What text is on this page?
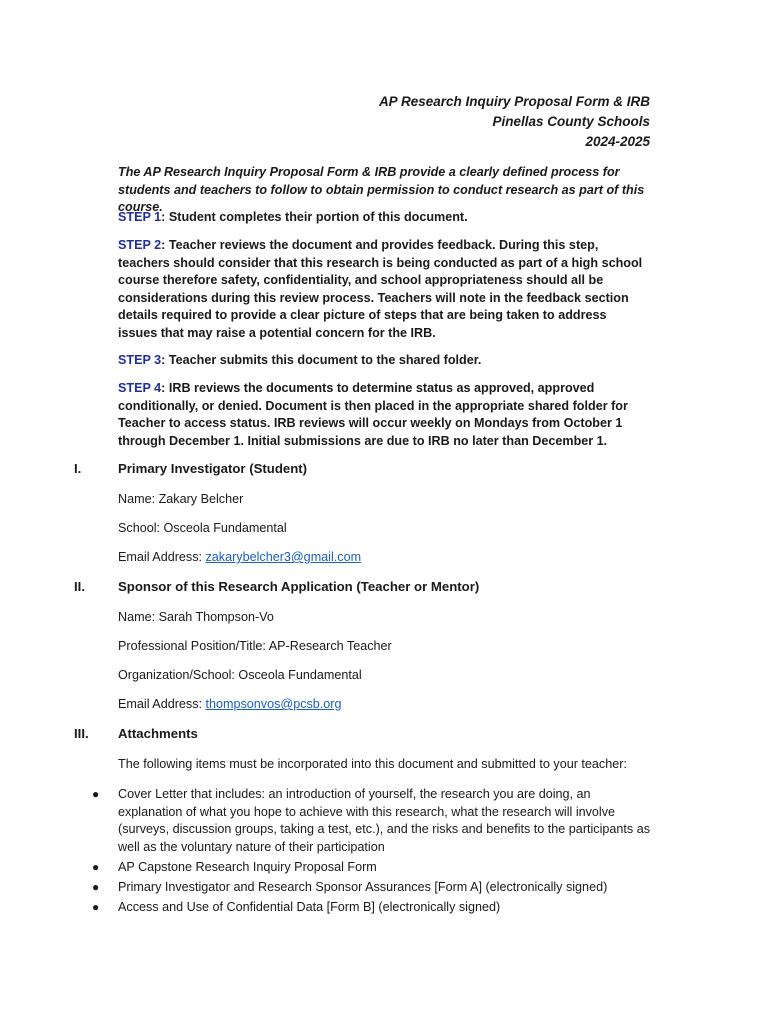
AP Research Inquiry Proposal Form & IRB
Pinellas County Schools
2024-2025
The AP Research Inquiry Proposal Form & IRB provide a clearly defined process for students and teachers to follow to obtain permission to conduct research as part of this course.
STEP 1: Student completes their portion of this document.
STEP 2: Teacher reviews the document and provides feedback. During this step, teachers should consider that this research is being conducted as part of a high school course therefore safety, confidentiality, and school appropriateness should all be considerations during this review process. Teachers will note in the feedback section details required to provide a clear picture of steps that are being taken to address issues that may raise a potential concern for the IRB.
STEP 3: Teacher submits this document to the shared folder.
STEP 4: IRB reviews the documents to determine status as approved, approved conditionally, or denied. Document is then placed in the appropriate shared folder for Teacher to access status. IRB reviews will occur weekly on Mondays from October 1 through December 1. Initial submissions are due to IRB no later than December 1.
I.	Primary Investigator (Student)
Name: Zakary Belcher
School: Osceola Fundamental
Email Address: zakarybelcher3@gmail.com
II.	Sponsor of this Research Application (Teacher or Mentor)
Name: Sarah Thompson-Vo
Professional Position/Title: AP-Research Teacher
Organization/School: Osceola Fundamental
Email Address: thompsonvos@pcsb.org
III. Attachments
The following items must be incorporated into this document and submitted to your teacher:
●	Cover Letter that includes: an introduction of yourself, the research you are doing, an explanation of what you hope to achieve with this research, what the research will involve (surveys, discussion groups, taking a test, etc.), and the risks and benefits to the participants as well as the voluntary nature of their participation
●	AP Capstone Research Inquiry Proposal Form
●	Primary Investigator and Research Sponsor Assurances [Form A] (electronically signed)
●	Access and Use of Confidential Data [Form B] (electronically signed)
